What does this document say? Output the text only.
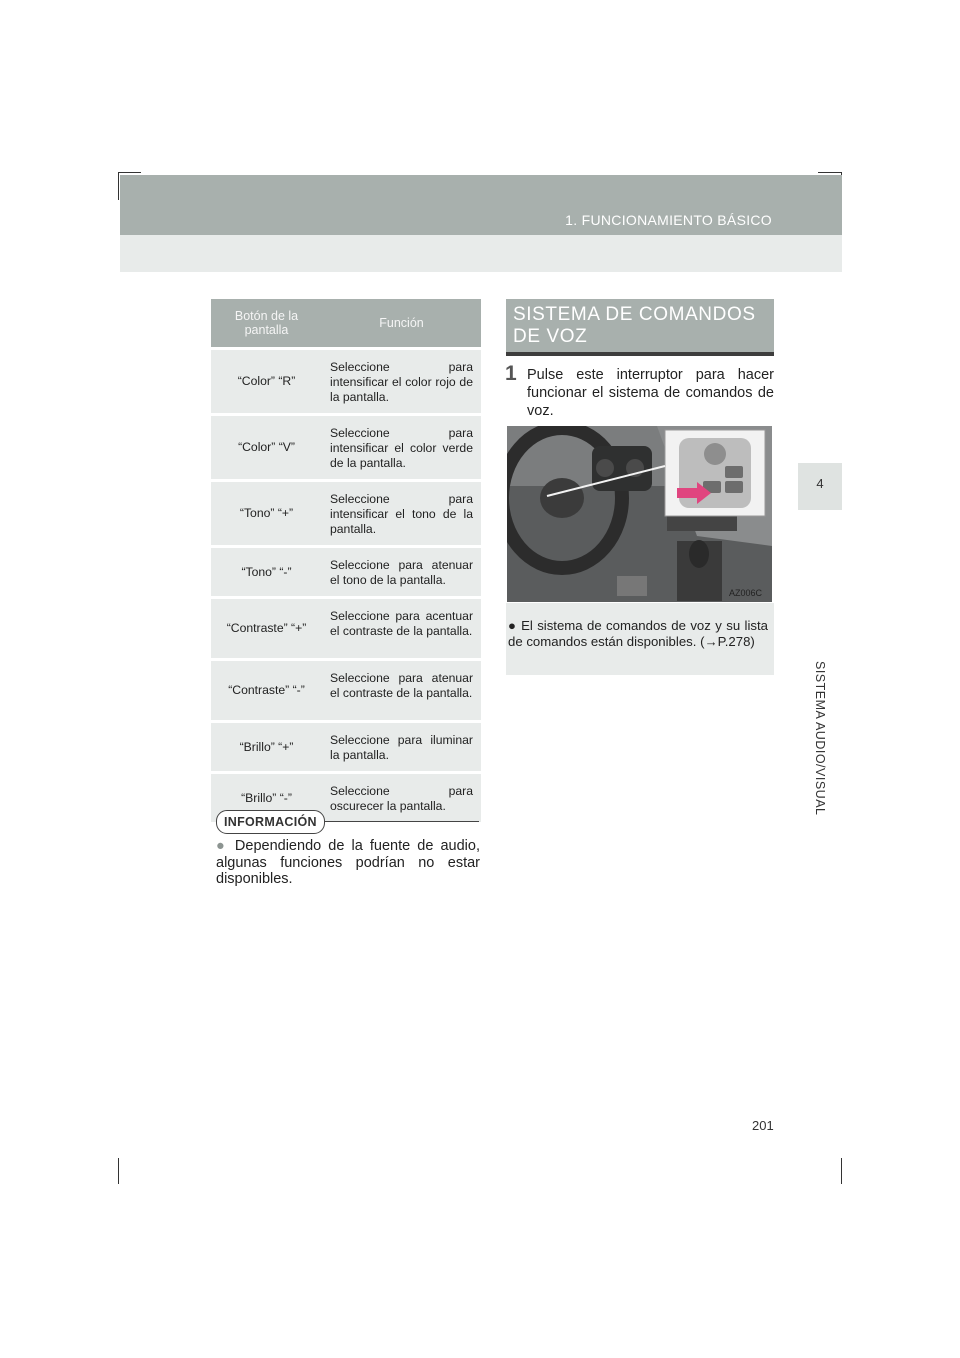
1. FUNCIONAMIENTO BÁSICO
4
SISTEMA AUDIO/VISUAL
Botón de la pantalla	Función
“Color” “R”	Seleccione para intensificar el color rojo de la pantalla.
“Color” “V”	Seleccione para intensificar el color verde de la pantalla.
“Tono” “+”	Seleccione para intensificar el tono de la pantalla.
“Tono” “-”	Seleccione para atenuar el tono de la pantalla.
“Contraste” “+”	Seleccione para acentuar el contraste de la pantalla.
“Contraste” “-”	Seleccione para atenuar el contraste de la pantalla.
“Brillo” “+”	Seleccione para iluminar la pantalla.
“Brillo” “-”	Seleccione para oscurecer la pantalla.
INFORMACIÓN
● Dependiendo de la fuente de audio, algunas funciones podrían no estar disponibles.
SISTEMA DE COMANDOS DE VOZ
1 Pulse este interruptor para hacer funcionar el sistema de comandos de voz.
AZ006C
● El sistema de comandos de voz y su lista de comandos están disponibles. (→P.278)
201
